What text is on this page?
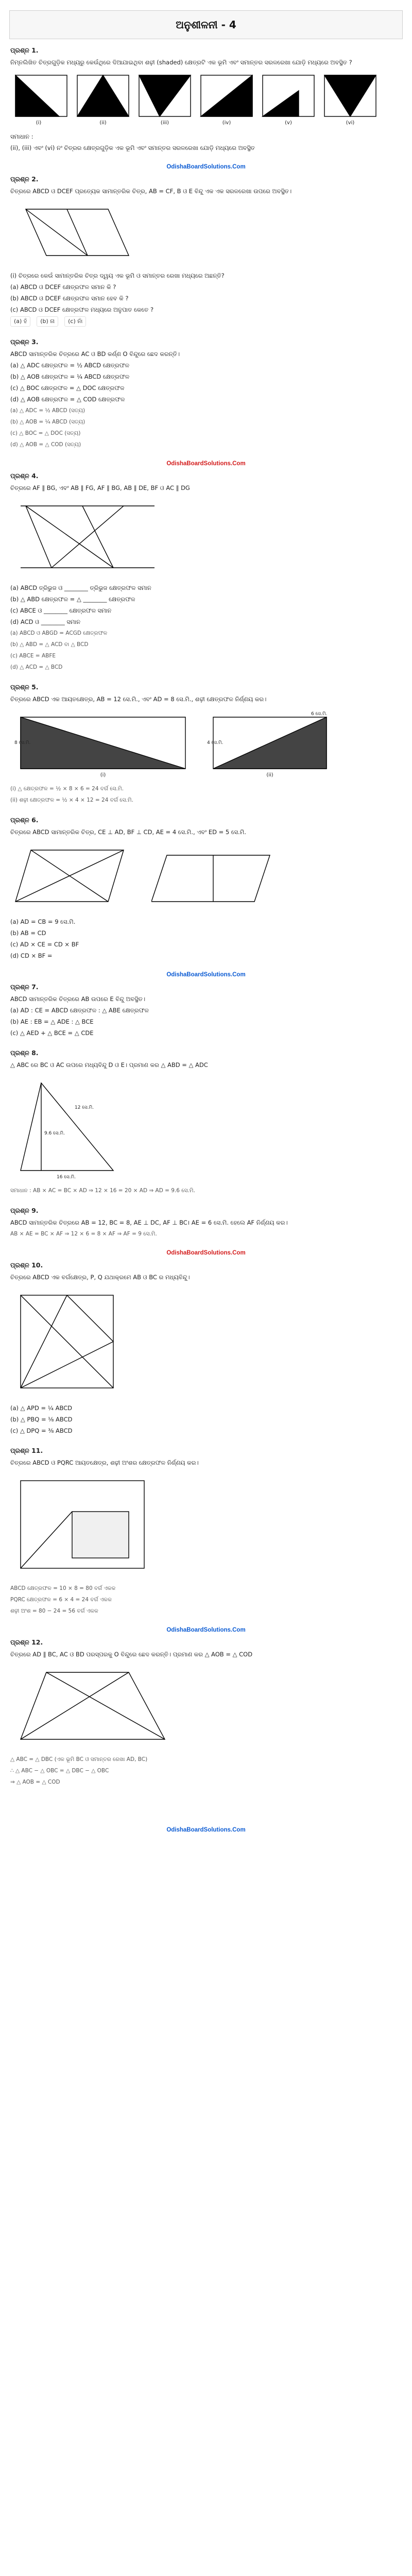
ଅନୁଶୀଳନୀ - 4
ପ୍ରଶ୍ନ 1.
ନିମ୍ନଲିଖିତ ଚିତ୍ରଗୁଡ଼ିକ ମଧ୍ୟରୁ କେଉଁଥିରେ ଦିଆଯାଇଥିବା ଶଢ଼ୀ (shaded) କ୍ଷେତ୍ରଟି ଏକ ଭୂମି ଏବଂ ସମାନ୍ତର ସରଳରେଖା ଯୋଡ଼ି ମଧ୍ୟରେ ଅବସ୍ଥିତ ?
(i)	(ii)	(iii)	(iv)	(v)	(vi)
ସମାଧାନ :
(ii), (iii) ଏବଂ (vi) ନଂ ଚିତ୍ରର କ୍ଷେତ୍ରଗୁଡ଼ିକ ଏକ ଭୂମି ଏବଂ ସମାନ୍ତର ସରଳରେଖା ଯୋଡ଼ି ମଧ୍ୟରେ ଅବସ୍ଥିତ
OdishaBoardSolutions.Com
ପ୍ରଶ୍ନ 2.
ଚିତ୍ରରେ ABCD ଓ DCEF ପ୍ରତ୍ୟେକ ସାମାନ୍ତରିକ ଚିତ୍ର, AB = CF, B ଓ E ବିନ୍ଦୁ ଏକ ଏକ ସରଳରେଖା ଉପରେ ଅବସ୍ଥିତ।
(i) ଚିତ୍ରରେ କେଉଁ ସାମାନ୍ତରିକ ଚିତ୍ର ଦ୍ୱୟ ଏକ ଭୂମି ଓ ସମାନ୍ତର ରେଖା ମଧ୍ୟରେ ଅଛନ୍ତି?
(a) ABCD ଓ DCEF କ୍ଷେତ୍ରଫଳ ସମାନ କି ?
(b) ABCD ଓ DCEF କ୍ଷେତ୍ରଫଳ ସମାନ ହେବ କି ?
(c) ABCD ଓ DCEF କ୍ଷେତ୍ରଫଳ ମଧ୍ୟରେ ଅନୁପାତ କେତେ ?
(a) ହଁ	(b) ନା	(c) ନାଁ
ପ୍ରଶ୍ନ 3.
ABCD ସାମାନ୍ତରିକ ଚିତ୍ରରେ AC ଓ BD କର୍ଣ୍ଣ O ବିନ୍ଦୁରେ ଛେଦ କରନ୍ତି।
(a) △ ADC କ୍ଷେତ୍ରଫଳ = ½ ABCD କ୍ଷେତ୍ରଫଳ
(b) △ AOB କ୍ଷେତ୍ରଫଳ = ¼ ABCD କ୍ଷେତ୍ରଫଳ
(c) △ BOC କ୍ଷେତ୍ରଫଳ = △ DOC କ୍ଷେତ୍ରଫଳ
(d) △ AOB କ୍ଷେତ୍ରଫଳ = △ COD କ୍ଷେତ୍ରଫଳ
(a) △ ADC = ½ ABCD (ସତ୍ୟ)
(b) △ AOB = ¼ ABCD (ସତ୍ୟ)
(c) △ BOC = △ DOC (ସତ୍ୟ)
(d) △ AOB = △ COD (ସତ୍ୟ)
OdishaBoardSolutions.Com
ପ୍ରଶ୍ନ 4.
ଚିତ୍ରରେ AF ∥ BG, ଏବଂ AB ∥ FG, AF ∥ BG, AB ∥ DE, BF ଓ AC ∥ DG
(a) ABCD ତ୍ରିଭୁଜ ଓ ________ ତ୍ରିଭୁଜ କ୍ଷେତ୍ରଫଳ ସମାନ
(b) △ ABD କ୍ଷେତ୍ରଫଳ = △ ________ କ୍ଷେତ୍ରଫଳ
(c) ABCE ଓ ________ କ୍ଷେତ୍ରଫଳ ସମାନ
(d) ACD ଓ ________ ସମାନ
(a) ABCD ଓ ABGD = ACGD କ୍ଷେତ୍ରଫଳ
(b) △ ABD = △ ACD ବା △ BCD
(c) ABCE = ABFE
(d) △ ACD = △ BCD
ପ୍ରଶ୍ନ 5.
ଚିତ୍ରରେ ABCD ଏକ ଆୟତକ୍ଷେତ୍ର, AB = 12 ସେ.ମି., ଏବଂ AD = 8 ସେ.ମି., ଶଢ଼ୀ କ୍ଷେତ୍ରଫଳ ନିର୍ଣ୍ଣୟ କର।
(i)
8 ସେ.ମି.
(ii)
6 ସେ.ମି.
4 ସେ.ମି.
(i) △ କ୍ଷେତ୍ରଫଳ = ½ × 8 × 6 = 24 ବର୍ଗ ସେ.ମି.
(ii) ଶଢ଼ୀ କ୍ଷେତ୍ରଫଳ = ½ × 4 × 12 = 24 ବର୍ଗ ସେ.ମି.
ପ୍ରଶ୍ନ 6.
ଚିତ୍ରରେ ABCD ସାମାନ୍ତରିକ ଚିତ୍ର, CE ⊥ AD, BF ⊥ CD, AE = 4 ସେ.ମି., ଏବଂ ED = 5 ସେ.ମି.
(a) AD = CB = 9 ସେ.ମି.
(b) AB = CD
(c) AD × CE = CD × BF
(d) CD × BF =
OdishaBoardSolutions.Com
ପ୍ରଶ୍ନ 7.
ABCD ସାମାନ୍ତରିକ ଚିତ୍ରରେ AB ଉପରେ E ବିନ୍ଦୁ ଅବସ୍ଥିତ।
(a) AD : CE = ABCD କ୍ଷେତ୍ରଫଳ : △ ABE କ୍ଷେତ୍ରଫଳ
(b) AE : EB = △ ADE : △ BCE
(c) △ AED + △ BCE = △ CDE
ପ୍ରଶ୍ନ 8.
△ ABC ରେ BC ଓ AC ଉପରେ ମଧ୍ୟବିନ୍ଦୁ D ଓ E। ପ୍ରମାଣ କର △ ABD = △ ADC
12 ସେ.ମି.
16 ସେ.ମି.
9.6 ସେ.ମି.
ସମାଧାନ : AB × AC = BC × AD ⇒ 12 × 16 = 20 × AD ⇒ AD = 9.6 ସେ.ମି.
ପ୍ରଶ୍ନ 9.
ABCD ସାମାନ୍ତରିକ ଚିତ୍ରରେ AB = 12, BC = 8, AE ⊥ DC, AF ⊥ BC। AE = 6 ସେ.ମି. ହେଲେ AF ନିର୍ଣ୍ଣୟ କର।
AB × AE = BC × AF ⇒ 12 × 6 = 8 × AF ⇒ AF = 9 ସେ.ମି.
OdishaBoardSolutions.Com
ପ୍ରଶ୍ନ 10.
ଚିତ୍ରରେ ABCD ଏକ ବର୍ଗକ୍ଷେତ୍ର, P, Q ଯଥାକ୍ରମେ AB ଓ BC ର ମଧ୍ୟବିନ୍ଦୁ।
(a) △ APD = ¼ ABCD
(b) △ PBQ = ⅛ ABCD
(c) △ DPQ = ⅜ ABCD
ପ୍ରଶ୍ନ 11.
ଚିତ୍ରରେ ABCD ଓ PQRC ଆୟତକ୍ଷେତ୍ର, ଶଢ଼ୀ ଅଂଶର କ୍ଷେତ୍ରଫଳ ନିର୍ଣ୍ଣୟ କର।
ABCD କ୍ଷେତ୍ରଫଳ = 10 × 8 = 80 ବର୍ଗ ଏକକ
PQRC କ୍ଷେତ୍ରଫଳ = 6 × 4 = 24 ବର୍ଗ ଏକକ
ଶଢ଼ୀ ଅଂଶ = 80 − 24 = 56 ବର୍ଗ ଏକକ
OdishaBoardSolutions.Com
ପ୍ରଶ୍ନ 12.
ଚିତ୍ରରେ AD ∥ BC, AC ଓ BD ପରସ୍ପରକୁ O ବିନ୍ଦୁରେ ଛେଦ କରନ୍ତି। ପ୍ରମାଣ କର △ AOB = △ COD
△ ABC = △ DBC (ଏକ ଭୂମି BC ଓ ସମାନ୍ତର ରେଖା AD, BC)
∴ △ ABC − △ OBC = △ DBC − △ OBC
⇒ △ AOB = △ COD
OdishaBoardSolutions.Com
